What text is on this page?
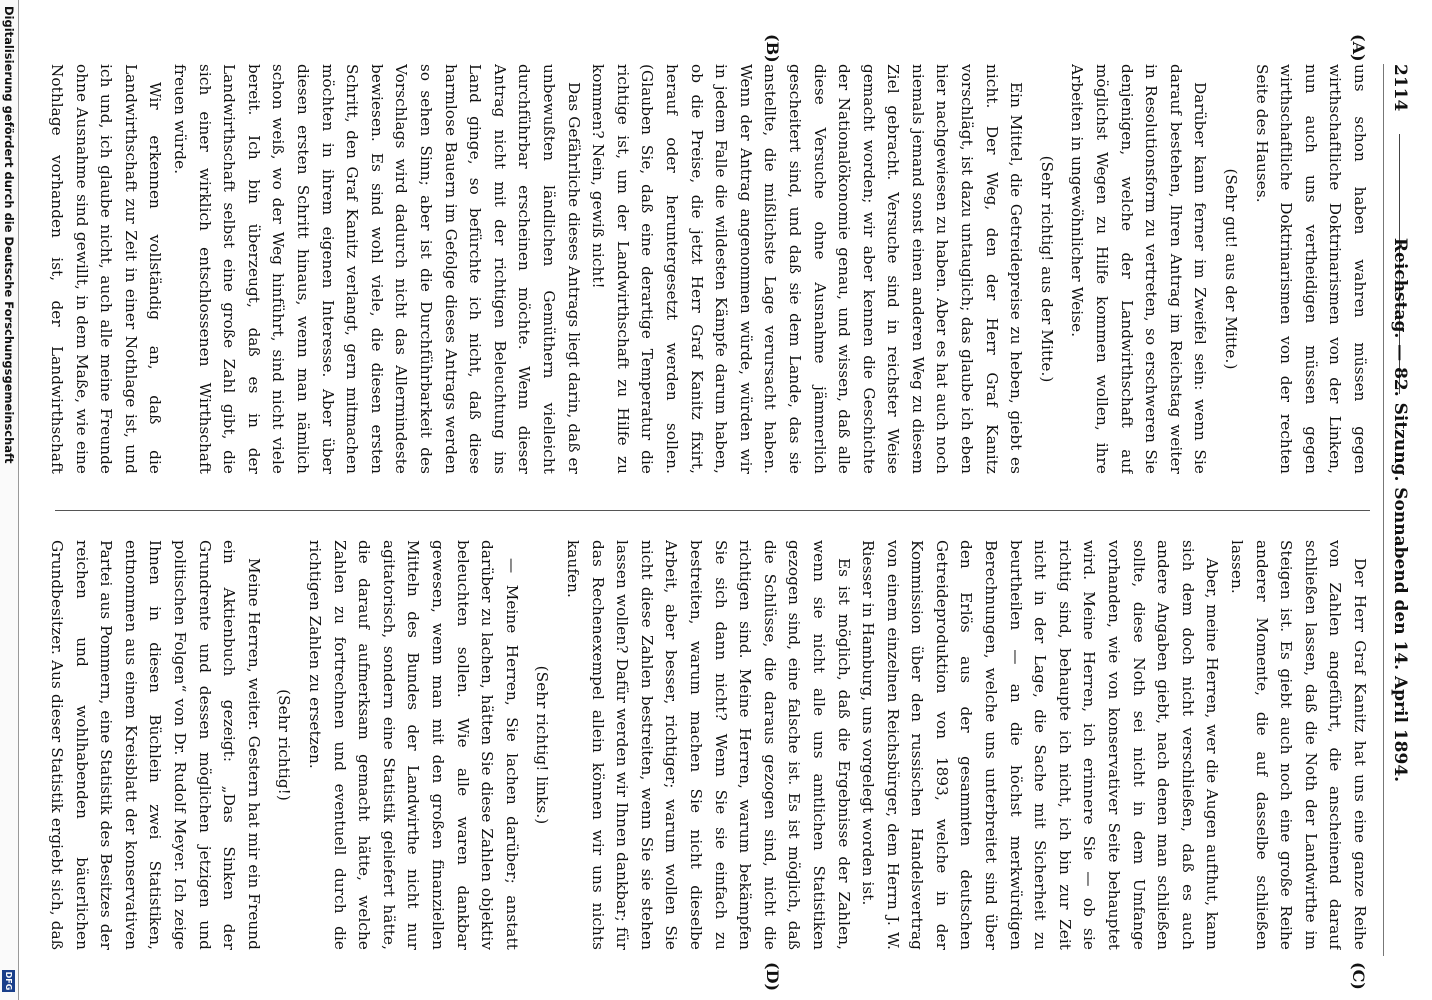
2114
Reichstag. — 82. Sitzung. Sonnabend den 14. April 1894.
(A)
(B)
(C)
(D)

uns schon haben wahren müssen gegen wirthschaftliche Doktrinarismen von der Linken, nun auch uns vertheidigen müssen gegen wirthschaftliche Doktrinarismen von der rechten Seite des Hauses.

(Sehr gut! aus der Mitte.)

Darüber kann ferner im Zweifel sein: wenn Sie darauf bestehen, Ihren Antrag im Reichstag weiter in Resolutionsform zu vertreten, so erschweren Sie denjenigen, welche der Landwirthschaft auf möglichst Wegen zu Hilfe kommen wollen, ihre Arbeiten in ungewöhnlicher Weise.

(Sehr richtig! aus der Mitte.)

Ein Mittel, die Getreidepreise zu heben, giebt es nicht. Der Weg, den der Herr Graf Kanitz vorschlägt, ist dazu untauglich; das glaube ich eben hier nachgewiesen zu haben. Aber es hat auch noch niemals jemand sonst einen anderen Weg zu diesem Ziel gebracht. Versuche sind in reichster Weise gemacht worden; wir aber kennen die Geschichte der Nationalökonomie genau, und wissen, daß alle diese Versuche ohne Ausnahme jämmerlich gescheitert sind, und daß sie dem Lande, das sie anstellte, die mißlichste Lage verursacht haben. Wenn der Antrag angenommen würde, würden wir in jedem Falle die wildesten Kämpfe darum haben, ob die Preise, die jetzt Herr Graf Kanitz fixirt, herauf oder heruntergesetzt werden sollen. (Glauben Sie, daß eine derartige Temperatur die richtige ist, um der Landwirthschaft zu Hilfe zu kommen? Nein, gewiß nicht!

Das Gefährliche dieses Antrags liegt darin, daß er unbewußten ländlichen Gemüthern vielleicht durchführbar erscheinen möchte. Wenn dieser Antrag nicht mit der richtigen Beleuchtung ins Land ginge, so befürchte ich nicht, daß diese harmlose Bauern im Gefolge dieses Antrags werden so sehen Sinn; aber ist die Durchführbarkeit des Vorschlags wird dadurch nicht das Allermindeste bewiesen. Es sind wohl viele, die diesen ersten Schritt, den Graf Kanitz verlangt, gern mitmachen möchten in ihrem eigenen Interesse. Aber über diesen ersten Schritt hinaus, wenn man nämlich schon weiß, wo der Weg hinführt, sind nicht viele bereit. Ich bin überzeugt, daß es in der Landwirthschaft selbst eine große Zahl gibt, die sich einer wirklich entschlossenen Wirthschaft freuen würde.

Wir erkennen vollständig an, daß die Landwirthschaft zur Zeit in einer Nothlage ist, und ich und, ich glaube nicht, auch alle meine Freunde ohne Ausnahme sind gewillt, in dem Maße, wie eine Nothlage vorhanden ist, der Landwirthschaft

Der Herr Graf Kanitz hat uns eine ganze Reihe von Zahlen angeführt, die anscheinend darauf schließen lassen, daß die Noth der Landwirthe im Steigen ist. Es giebt auch noch eine große Reihe anderer Momente, die auf dasselbe schließen lassen.

Aber, meine Herren, wer die Augen aufthut, kann sich dem doch nicht verschließen, daß es auch andere Angaben giebt, nach denen man schließen sollte, diese Noth sei nicht in dem Umfange vorhanden, wie von konservativer Seite behauptet wird. Meine Herren, ich erinnere Sie — ob sie richtig sind, behaupte ich nicht, ich bin zur Zeit nicht in der Lage, die Sache mit Sicherheit zu beurtheilen — an die höchst merkwürdigen Berechnungen, welche uns unterbreitet sind über den Erlös aus der gesammten deutschen Getreideproduktion von 1893, welche in der Kommission über den russischen Handelsvertrag von einem einzelnen Reichsbürger, dem Herrn J. W. Riesser in Hamburg, uns vorgelegt worden ist.

Es ist möglich, daß die Ergebnisse der Zahlen, wenn sie nicht alle uns amtlichen Statistiken gezogen sind, eine falsche ist. Es ist möglich, daß die Schlüsse, die daraus gezogen sind, nicht die richtigen sind. Meine Herren, warum bekämpfen Sie sich dann nicht? Wenn Sie sie einfach zu bestreiten, warum machen Sie nicht dieselbe Arbeit, aber besser, richtiger; warum wollen Sie nicht diese Zahlen bestreiten, wenn Sie sie stehen lassen wollen? Dafür werden wir Ihnen dankbar; für das Rechenexempel allein können wir uns nichts kaufen.

(Sehr richtig! links.)

— Meine Herren, Sie lachen darüber; anstatt darüber zu lachen, hätten Sie diese Zahlen objektiv beleuchten sollen. Wie alle waren dankbar gewesen, wenn man mit den großen finanziellen Mitteln des Bundes der Landwirthe nicht nur agitatorisch, sondern eine Statistik geliefert hätte, die darauf aufmerksam gemacht hätte, welche Zahlen zu fortrechnen und eventuell durch die richtigen Zahlen zu ersetzen.

(Sehr richtig!)

Meine Herren, weiter. Gestern hat mir ein Freund ein Aktienbuch gezeigt: „Das Sinken der Grundrente und dessen möglichen jetzigen und politischen Folgen“ von Dr. Rudolf Meyer. Ich zeige Ihnen in diesen Büchlein zwei Statistiken, entnommen aus einem Kreisblatt der konservativen Partei aus Pommern, eine Statistik des Besitzes der reichen und wohlhabenden bäuerlichen Grundbesitzer. Aus dieser Statistik ergiebt sich, daß

Digitalisierung gefördert durch die Deutsche Forschungsgemeinschaft
DFG
